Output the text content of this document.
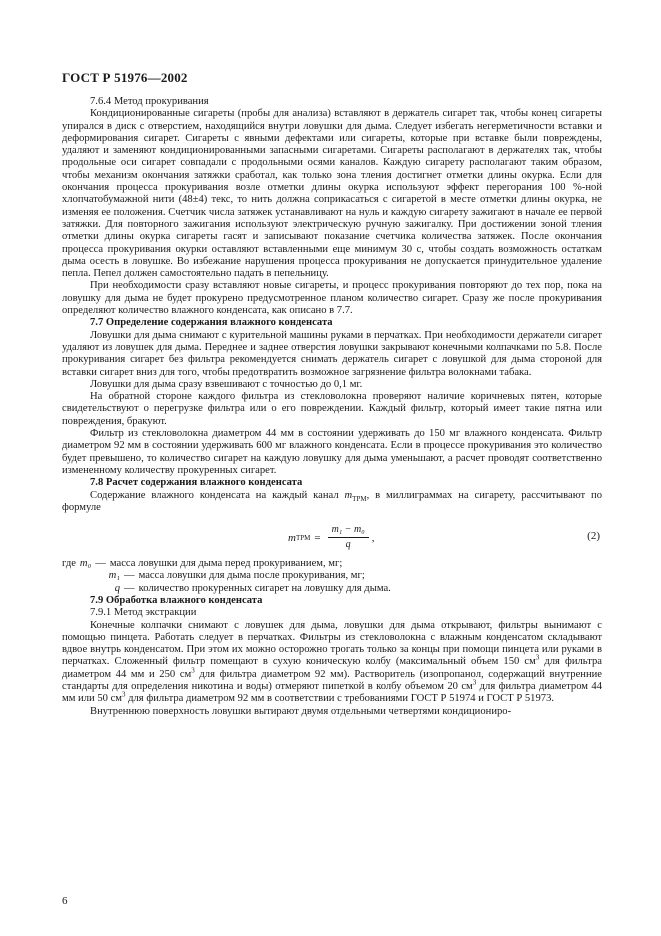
ГОСТ Р 51976—2002

7.6.4 Метод прокуривания

Кондиционированные сигареты (пробы для анализа) вставляют в держатель сигарет так, чтобы конец сигареты упирался в диск с отверстием, находящийся внутри ловушки для дыма. Следует избегать негерметичности вставки и деформирования сигарет. Сигареты с явными дефектами или сигареты, которые при вставке были повреждены, удаляют и заменяют кондиционированными запасными сигаретами. Сигареты располагают в держателях так, чтобы продольные оси сигарет совпадали с продольными осями каналов. Каждую сигарету располагают таким образом, чтобы механизм окончания затяжки сработал, как только зона тления достигнет отметки длины окурка. Если для окончания процесса прокуривания возле отметки длины окурка используют эффект перегорания 100 %-ной хлопчатобумажной нити (48±4) текс, то нить должна соприкасаться с сигаретой в месте отметки длины окурка, не изменяя ее положения. Счетчик числа затяжек устанавливают на нуль и каждую сигарету зажигают в начале ее первой затяжки. Для повторного зажигания используют электрическую ручную зажигалку. При достижении зоной тления отметки длины окурка сигареты гасят и записывают показание счетчика количества затяжек. После окончания процесса прокуривания окурки оставляют вставленными еще минимум 30 с, чтобы создать возможность остаткам дыма осесть в ловушке. Во избежание нарушения процесса прокуривания не допускается принудительное удаление пепла. Пепел должен самостоятельно падать в пепельницу.

При необходимости сразу вставляют новые сигареты, и процесс прокуривания повторяют до тех пор, пока на ловушку для дыма не будет прокурено предусмотренное планом количество сигарет. Сразу же после прокуривания определяют количество влажного конденсата, как описано в 7.7.

7.7 Определение содержания влажного конденсата

Ловушки для дыма снимают с курительной машины руками в перчатках. При необходимости держатели сигарет удаляют из ловушек для дыма. Переднее и заднее отверстия ловушки закрывают конечными колпачками по 5.8. После прокуривания сигарет без фильтра рекомендуется снимать держатель сигарет с ловушкой для дыма стороной для вставки сигарет вниз для того, чтобы предотвратить возможное загрязнение фильтра волокнами табака.

Ловушки для дыма сразу взвешивают с точностью до 0,1 мг.

На обратной стороне каждого фильтра из стекловолокна проверяют наличие коричневых пятен, которые свидетельствуют о перегрузке фильтра или о его повреждении. Каждый фильтр, который имеет такие пятна или повреждения, бракуют.

Фильтр из стекловолокна диаметром 44 мм в состоянии удерживать до 150 мг влажного конденсата. Фильтр диаметром 92 мм в состоянии удерживать 600 мг влажного конденсата. Если в процессе прокуривания это количество будет превышено, то количество сигарет на каждую ловушку для дыма уменьшают, а расчет проводят соответственно измененному количеству прокуренных сигарет.

7.8 Расчет содержания влажного конденсата

Содержание влажного конденсата на каждый канал $m_{ТРМ}$, в миллиграммах на сигарету, рассчитывают по формуле

m ТРМ = $\frac{\text{m₁ − m₀}}{q}$ ,	(2)
где m₀ — масса ловушки для дыма перед прокуриванием, мг;
m₁ — масса ловушки для дыма после прокуривания, мг;
q — количество прокуренных сигарет на ловушку для дыма.

7.9 Обработка влажного конденсата

7.9.1 Метод экстракции

Конечные колпачки снимают с ловушек для дыма, ловушки для дыма открывают, фильтры вынимают с помощью пинцета. Работать следует в перчатках. Фильтры из стекловолокна с влажным конденсатом складывают вдвое внутрь конденсатом. При этом их можно осторожно трогать только за концы при помощи пинцета или руками в перчатках. Сложенный фильтр помещают в сухую коническую колбу (максимальный объем 150 $см^3$ для фильтра диаметром 44 мм и 250 $см^3$ для фильтра диаметром 92 мм). Растворитель (изопропанол, содержащий внутренние стандарты для определения никотина и воды) отмеряют пипеткой в колбу объемом 20 $см^3$ для фильтра диаметром 44 мм или 50 $см^3$ для фильтра диаметром 92 мм в соответствии с требованиями ГОСТ Р 51974 и ГОСТ Р 51973.

Внутреннюю поверхность ловушки вытирают двумя отдельными четвертями кондициониро-

6
